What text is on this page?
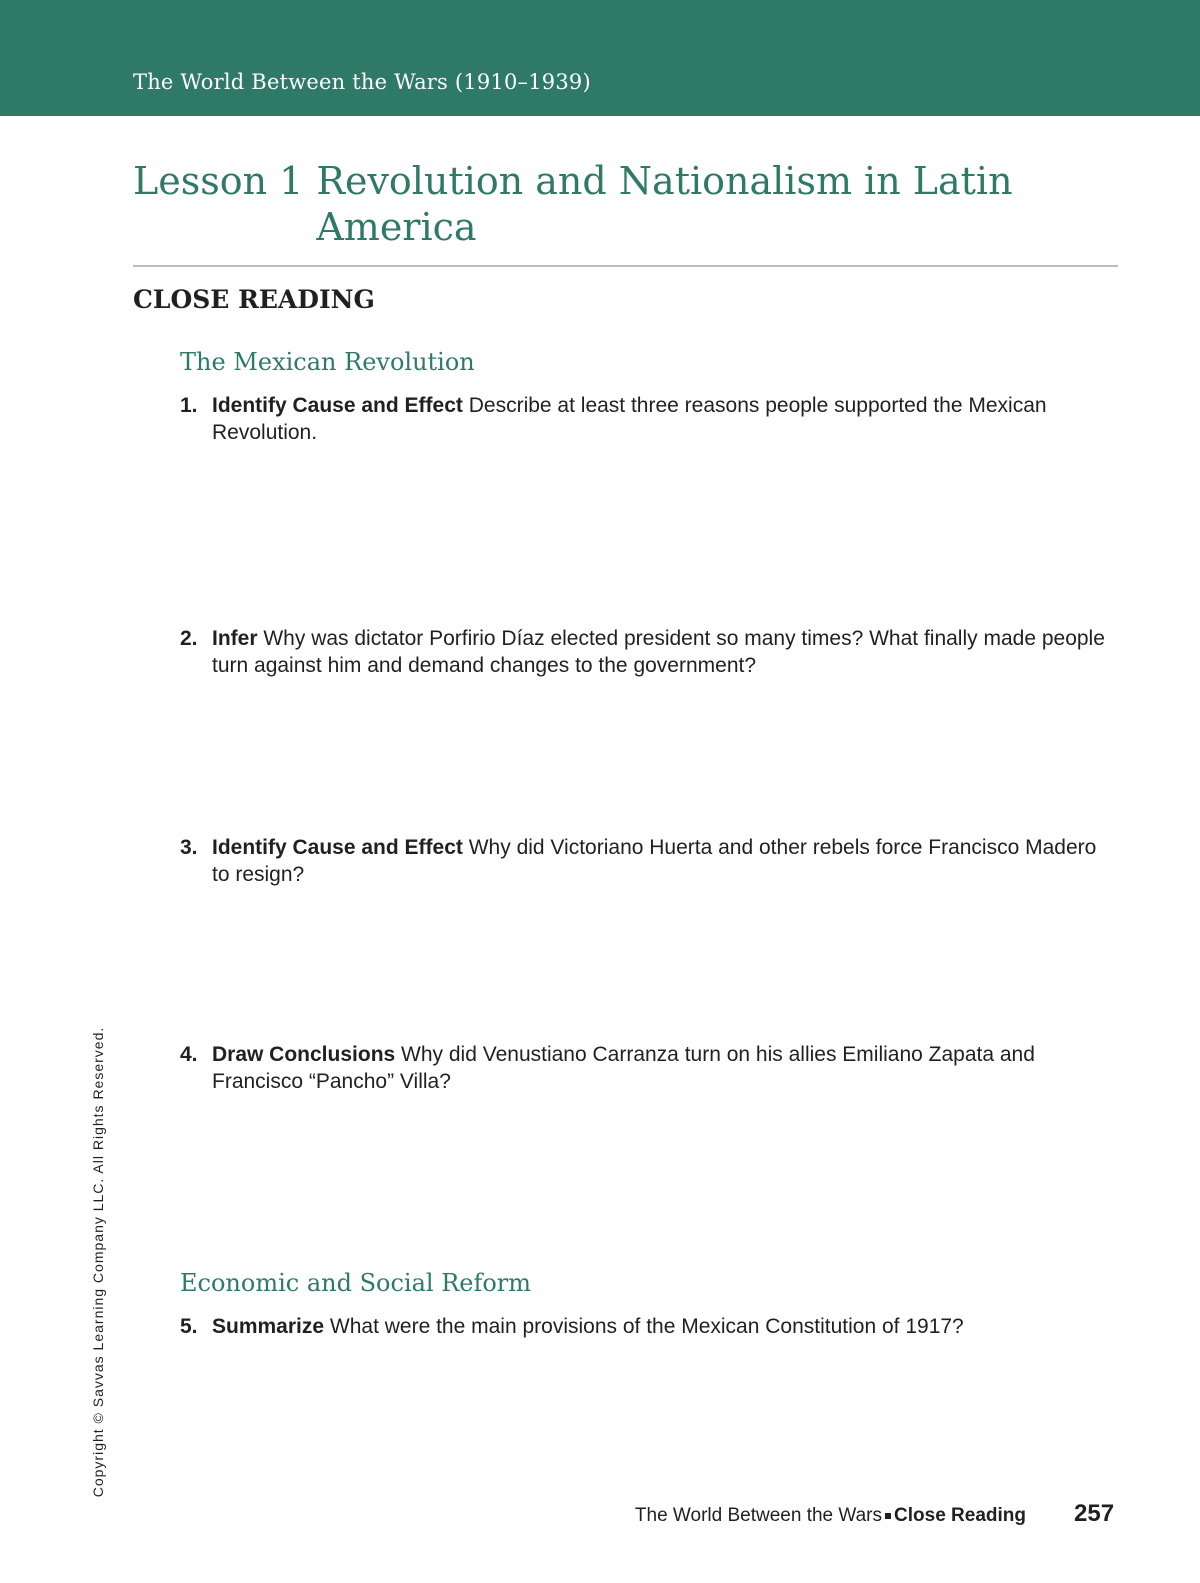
The World Between the Wars (1910–1939)
Lesson 1 Revolution and Nationalism in Latin America
CLOSE READING
The Mexican Revolution
1. Identify Cause and Effect Describe at least three reasons people supported the Mexican Revolution.
2. Infer Why was dictator Porfirio Díaz elected president so many times? What finally made people turn against him and demand changes to the government?
3. Identify Cause and Effect Why did Victoriano Huerta and other rebels force Francisco Madero to resign?
4. Draw Conclusions Why did Venustiano Carranza turn on his allies Emiliano Zapata and Francisco “Pancho” Villa?
Economic and Social Reform
5. Summarize What were the main provisions of the Mexican Constitution of 1917?
Copyright © Savvas Learning Company LLC. All Rights Reserved.
The World Between the Wars Close Reading 257
